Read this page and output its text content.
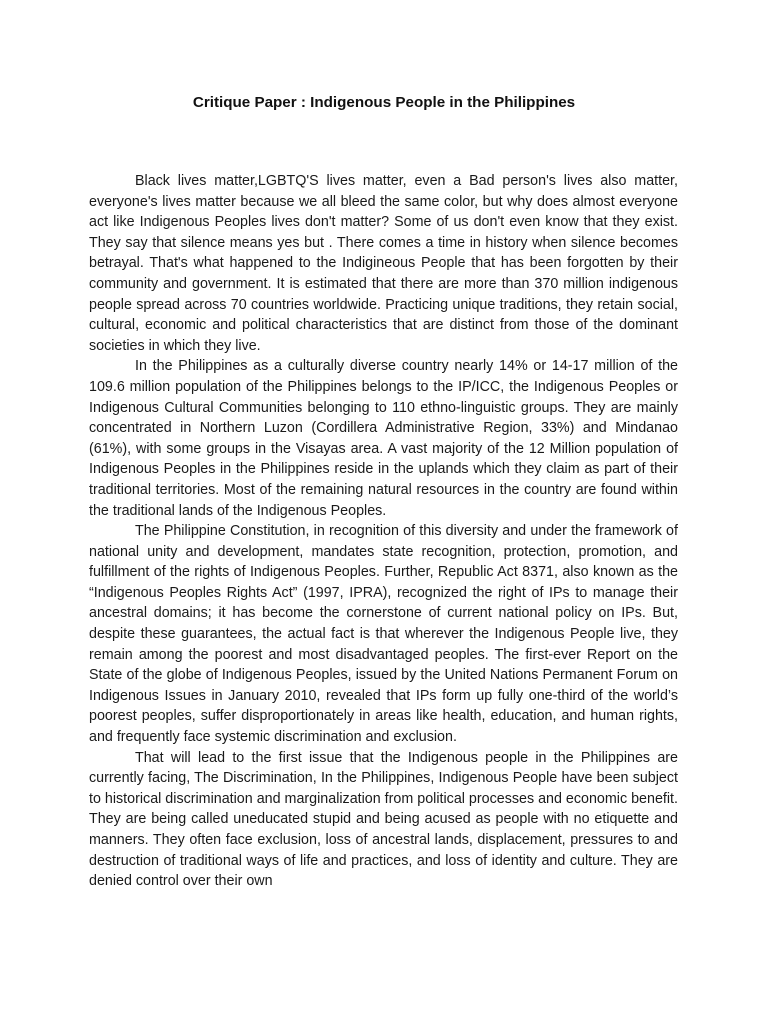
Critique Paper : Indigenous People in the Philippines

Black lives matter,LGBTQ'S lives matter, even a Bad person's lives also matter, everyone's lives matter because we all bleed the same color, but why does almost everyone act like Indigenous Peoples lives don't matter? Some of us don't even know that they exist. They say that silence means yes but . There comes a time in history when silence becomes betrayal. That's what happened to the Indigineous People that has been forgotten by their community and government. It is estimated that there are more than 370 million indigenous people spread across 70 countries worldwide. Practicing unique traditions, they retain social, cultural, economic and political characteristics that are distinct from those of the dominant societies in which they live.

In the Philippines as a culturally diverse country nearly 14% or 14-17 million of the 109.6 million population of the Philippines belongs to the IP/ICC, the Indigenous Peoples or Indigenous Cultural Communities belonging to 110 ethno-linguistic groups. They are mainly concentrated in Northern Luzon (Cordillera Administrative Region, 33%) and Mindanao (61%), with some groups in the Visayas area. A vast majority of the 12 Million population of Indigenous Peoples in the Philippines reside in the uplands which they claim as part of their traditional territories. Most of the remaining natural resources in the country are found within the traditional lands of the Indigenous Peoples.

The Philippine Constitution, in recognition of this diversity and under the framework of national unity and development, mandates state recognition, protection, promotion, and fulfillment of the rights of Indigenous Peoples. Further, Republic Act 8371, also known as the “Indigenous Peoples Rights Act” (1997, IPRA), recognized the right of IPs to manage their ancestral domains; it has become the cornerstone of current national policy on IPs. But, despite these guarantees, the actual fact is that wherever the Indigenous People live, they remain among the poorest and most disadvantaged peoples. The first-ever Report on the State of the globe of Indigenous Peoples, issued by the United Nations Permanent Forum on Indigenous Issues in January 2010, revealed that IPs form up fully one-third of the world’s poorest peoples, suffer disproportionately in areas like health, education, and human rights, and frequently face systemic discrimination and exclusion.

That will lead to the first issue that the Indigenous people in the Philippines are currently facing, The Discrimination, In the Philippines, Indigenous People have been subject to historical discrimination and marginalization from political processes and economic benefit. They are being called uneducated stupid and being acused as people with no etiquette and manners. They often face exclusion, loss of ancestral lands, displacement, pressures to and destruction of traditional ways of life and practices, and loss of identity and culture. They are denied control over their own
